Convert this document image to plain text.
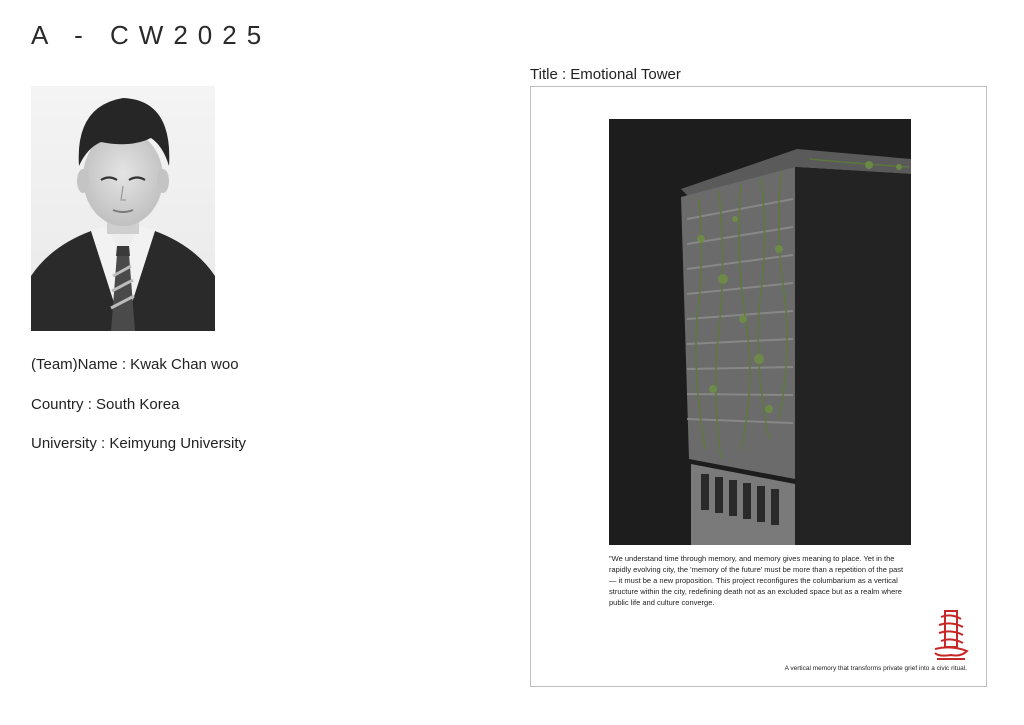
A - CW2025
(Team)Name : Kwak Chan woo
Country : South Korea
University : Keimyung University
Title : Emotional Tower
"We understand time through memory, and memory gives meaning to place. Yet in the rapidly evolving city, the 'memory of the future' must be more than a repetition of the past — it must be a new proposition. This project reconfigures the columbarium as a vertical structure within the city, redefining death not as an excluded space but as a realm where public life and culture converge.
A vertical memory that transforms private grief into a civic ritual.
